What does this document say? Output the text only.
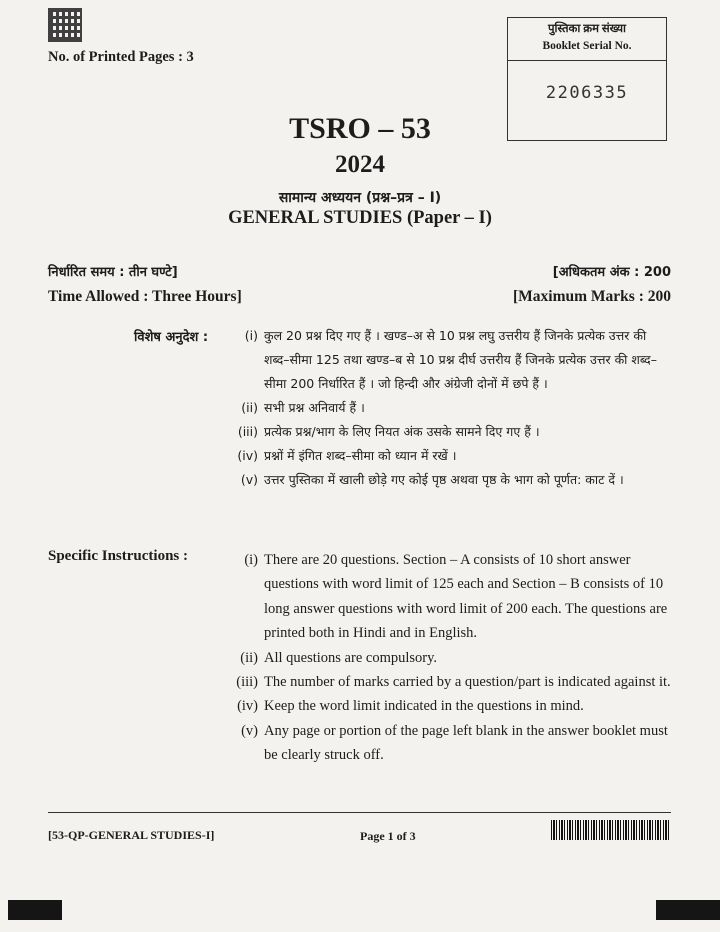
No. of Printed Pages : 3
पुस्तिका क्रम संख्या
Booklet Serial No.
2206335
TSRO – 53
2024
सामान्य अध्ययन (प्रश्न–प्रत्र – I)
GENERAL STUDIES (Paper – I)
निर्धारित समय : तीन घण्टे]	[अधिकतम अंक : 200
Time Allowed : Three Hours]	[Maximum Marks : 200
विशेष अनुदेश :	(i) कुल 20 प्रश्न दिए गए हैं । खण्ड–अ से 10 प्रश्न लघु उत्तरीय हैं जिनके प्रत्येक उत्तर की शब्द–सीमा 125 तथा खण्ड–ब से 10 प्रश्न दीर्घ उत्तरीय हैं जिनके प्रत्येक उत्तर की शब्द–सीमा 200 निर्धारित हैं । जो हिन्दी और अंग्रेजी दोनों में छपे हैं ।
(ii) सभी प्रश्न अनिवार्य हैं ।
(iii) प्रत्येक प्रश्न/भाग के लिए नियत अंक उसके सामने दिए गए हैं ।
(iv) प्रश्नों में इंगित शब्द–सीमा को ध्यान में रखें ।
(v) उत्तर पुस्तिका में खाली छोड़े गए कोई पृष्ठ अथवा पृष्ठ के भाग को पूर्णत: काट दें ।
Specific Instructions :	(i) There are 20 questions. Section – A consists of 10 short answer questions with word limit of 125 each and Section – B consists of 10 long answer questions with word limit of 200 each. The questions are printed both in Hindi and in English.
(ii) All questions are compulsory.
(iii) The number of marks carried by a question/part is indicated against it.
(iv) Keep the word limit indicated in the questions in mind.
(v) Any page or portion of the page left blank in the answer booklet must be clearly struck off.
[53-QP-GENERAL STUDIES-I]	Page 1 of 3
